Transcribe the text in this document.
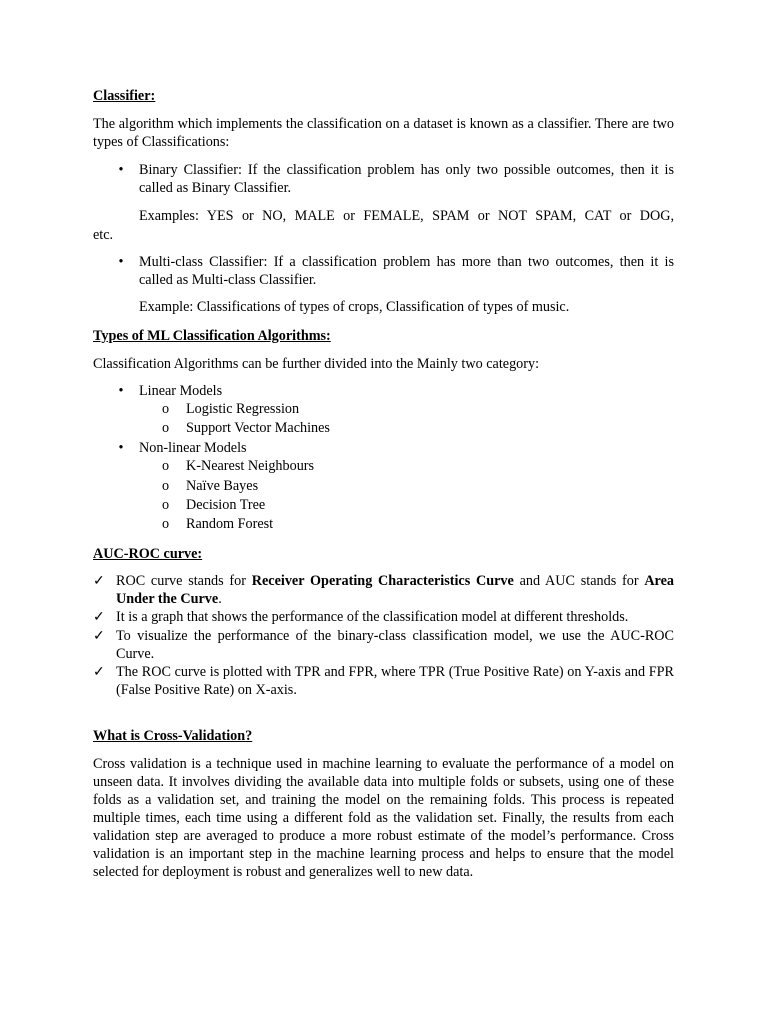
Classifier:

The algorithm which implements the classification on a dataset is known as a classifier. There are two types of Classifications:

• Binary Classifier: If the classification problem has only two possible outcomes, then it is called as Binary Classifier.

Examples: YES or NO, MALE or FEMALE, SPAM or NOT SPAM, CAT or DOG,

etc.

• Multi-class Classifier: If a classification problem has more than two outcomes, then it is called as Multi-class Classifier.

Example: Classifications of types of crops, Classification of types of music.

Types of ML Classification Algorithms:

Classification Algorithms can be further divided into the Mainly two category:

• Linear Models
o Logistic Regression
o Support Vector Machines
• Non-linear Models
o K-Nearest Neighbours
o Naïve Bayes
o Decision Tree
o Random Forest

AUC-ROC curve:

✓ ROC curve stands for Receiver Operating Characteristics Curve and AUC stands for Area Under the Curve.

✓ It is a graph that shows the performance of the classification model at different thresholds.

✓ To visualize the performance of the binary-class classification model, we use the AUC-ROC Curve.

✓ The ROC curve is plotted with TPR and FPR, where TPR (True Positive Rate) on Y-axis and FPR (False Positive Rate) on X-axis.

What is Cross-Validation?

Cross validation is a technique used in machine learning to evaluate the performance of a model on unseen data. It involves dividing the available data into multiple folds or subsets, using one of these folds as a validation set, and training the model on the remaining folds. This process is repeated multiple times, each time using a different fold as the validation set. Finally, the results from each validation step are averaged to produce a more robust estimate of the model’s performance. Cross validation is an important step in the machine learning process and helps to ensure that the model selected for deployment is robust and generalizes well to new data.
